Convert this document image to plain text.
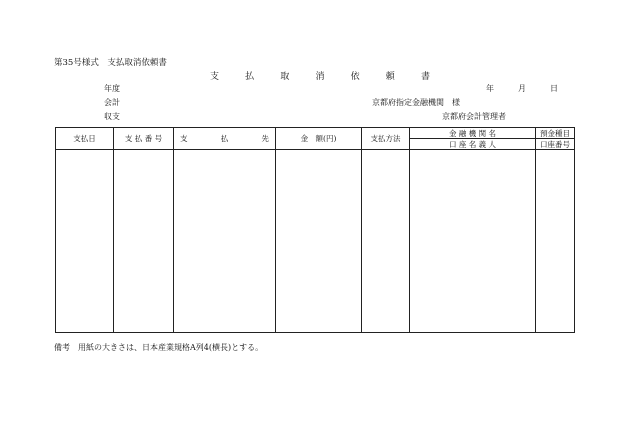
第35号様式　支払取消依頼書
支	払	取	消	依	頼	書
年度
会計
収支
年	月	日
京都府指定金融機関 様
京都府会計管理者
支払日	支 払 番 号	支 払 先	金　額(円)	支払方法	金 融 機 関 名	預金種目
					口 座 名 義 人	口座番号

備考　用紙の大きさは、日本産業規格A列4(横長)とする。
